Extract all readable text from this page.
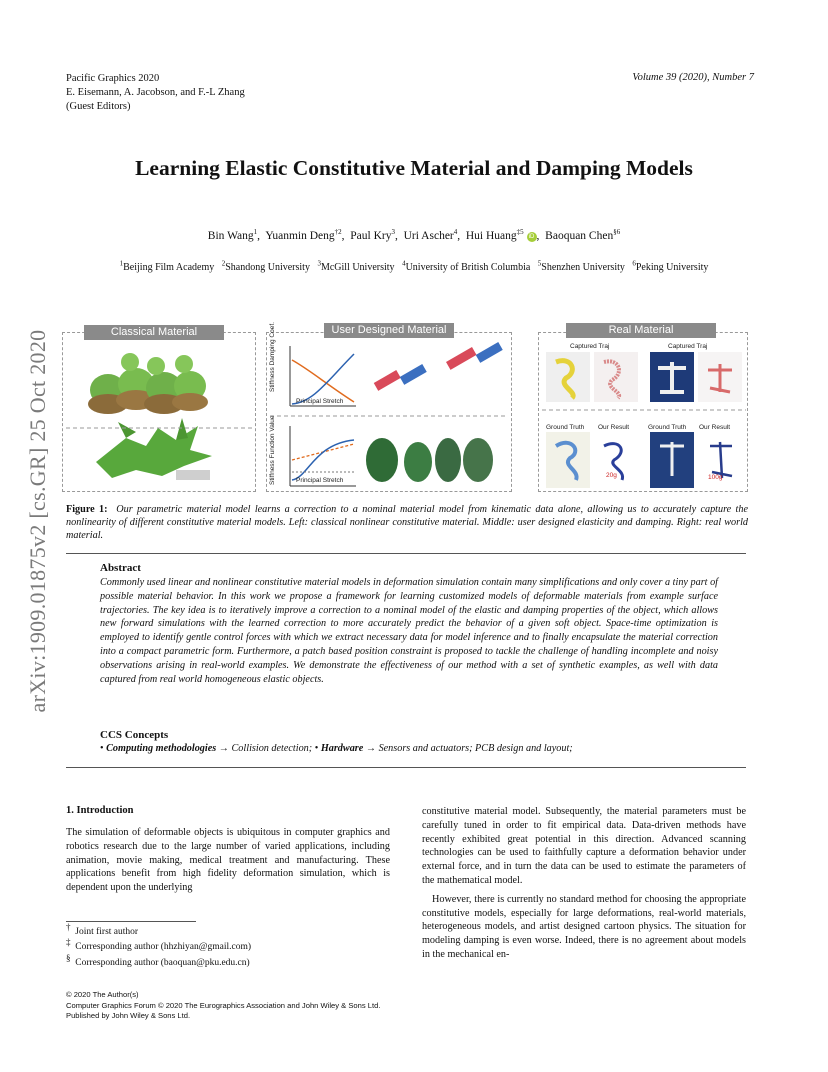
Pacific Graphics 2020
E. Eisemann, A. Jacobson, and F.-L Zhang
(Guest Editors)
Volume 39 (2020), Number 7
arXiv:1909.01875v2 [cs.GR] 25 Oct 2020
Learning Elastic Constitutive Material and Damping Models
Bin Wang$^1$,  Yuanmin Deng$^{\dagger 2}$,  Paul Kry$^3$,  Uri Ascher$^4$,  Hui Huang$^{\ddagger 5}$ iD ,  Baoquan Chen$^{\S 6}$
$^1$Beijing Film Academy $^2$Shandong University $^3$McGill University $^4$University of British Columbia $^5$Shenzhen University $^6$Peking University
Classical Material	User Designed Material
Stiffness Damping Coef.
Principal Stretch
Stiffness Function Value	Principal Stretch
Real Material
Captured Traj	Captured Traj
Ground Truth Our Result	Ground Truth Our Result
20g	100g
Figure 1: Our parametric material model learns a correction to a nominal material model from kinematic data alone, allowing us to accurately capture the nonlinearity of different constitutive material models. Left: classical nonlinear constitutive material. Middle: user designed elasticity and damping. Right: real world material.
Abstract
Commonly used linear and nonlinear constitutive material models in deformation simulation contain many simplifications and only cover a tiny part of possible material behavior. In this work we propose a framework for learning customized models of deformable materials from example surface trajectories. The key idea is to iteratively improve a correction to a nominal model of the elastic and damping properties of the object, which allows new forward simulations with the learned correction to more accurately predict the behavior of a given soft object. Space-time optimization is employed to identify gentle control forces with which we extract necessary data for model inference and to finally encapsulate the material correction into a compact parametric form. Furthermore, a patch based position constraint is proposed to tackle the challenge of handling incomplete and noisy observations arising in real-world examples. We demonstrate the effectiveness of our method with a set of synthetic examples, as well with data captured from real world homogeneous elastic objects.
CCS Concepts
• Computing methodologies → Collision detection; • Hardware → Sensors and actuators; PCB design and layout;
1. Introduction
The simulation of deformable objects is ubiquitous in computer graphics and robotics research due to the large number of varied applications, including animation, movie making, medical treatment and manufacturing. These applications benefit from high fidelity deformation simulation, which is dependent upon the underlying

constitutive material model. Subsequently, the material parameters must be carefully tuned in order to fit empirical data. Data-driven methods have recently exhibited great potential in this direction. Advanced scanning technologies can be used to faithfully capture a deformation behavior under external force, and in turn the data can be used to estimate the parameters of the mathematical model.

However, there is currently no standard method for choosing the appropriate constitutive models, especially for large deformations, real-world materials, heterogeneous models, and artist designed cartoon physics. The situation for modeling damping is even worse. Indeed, there is no agreement about models in the mechanical en-

†  Joint first author
‡  Corresponding author (hhzhiyan@gmail.com)
§  Corresponding author (baoquan@pku.edu.cn)
© 2020 The Author(s)
Computer Graphics Forum © 2020 The Eurographics Association and John Wiley & Sons Ltd. Published by John Wiley & Sons Ltd.
